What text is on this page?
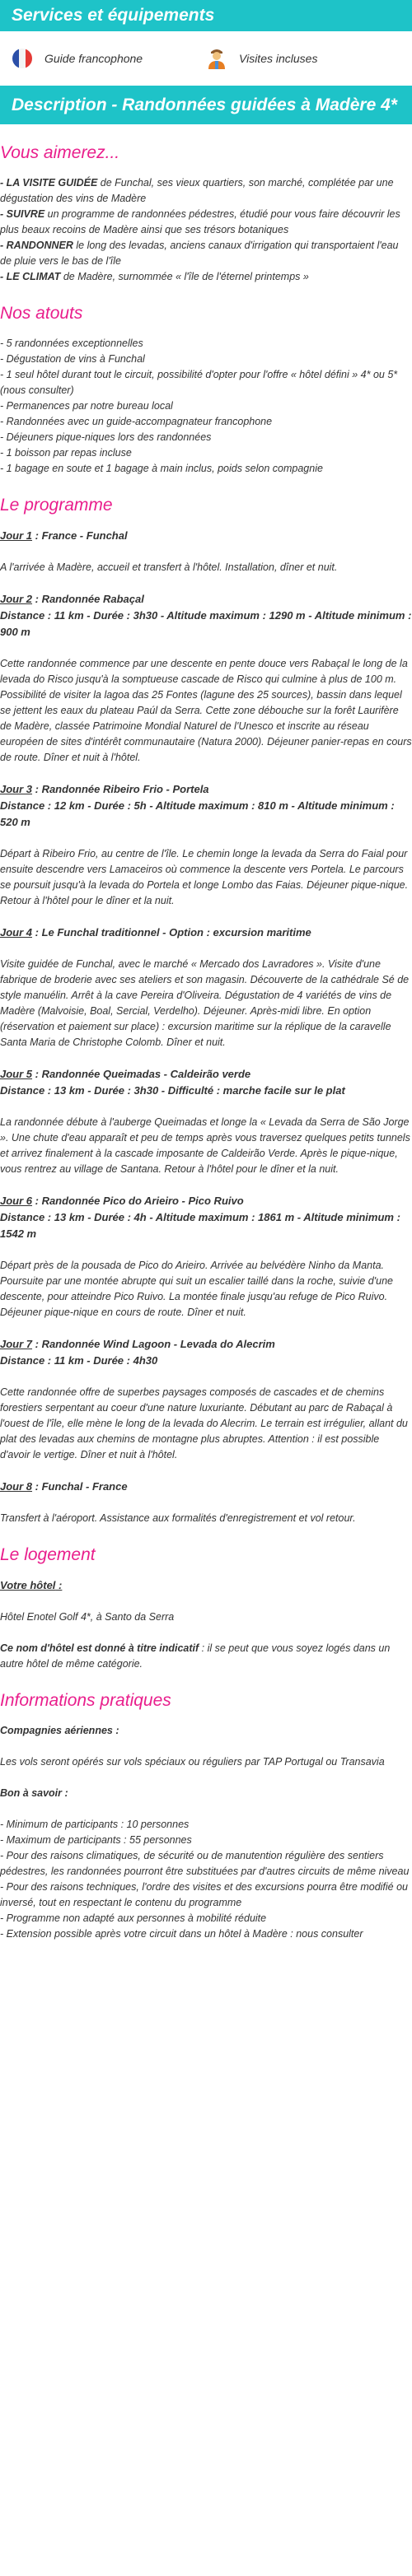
Services et équipements
Guide francophone	Visites incluses
Description - Randonnées guidées à Madère 4*
Vous aimerez...

- LA VISITE GUIDÉE de Funchal, ses vieux quartiers, son marché, complétée par une dégustation des vins de Madère

- SUIVRE un programme de randonnées pédestres, étudié pour vous faire découvrir les plus beaux recoins de Madère ainsi que ses trésors botaniques

- RANDONNER le long des levadas, anciens canaux d'irrigation qui transportaient l'eau de pluie vers le bas de l'île

- LE CLIMAT de Madère, surnommée « l'île de l'éternel printemps »

Nos atouts
- 5 randonnées exceptionnelles
- Dégustation de vins à Funchal
- 1 seul hôtel durant tout le circuit, possibilité d'opter pour l'offre « hôtel défini » 4* ou 5* (nous consulter)
- Permanences par notre bureau local
- Randonnées avec un guide-accompagnateur francophone
- Déjeuners pique-niques lors des randonnées
- 1 boisson par repas incluse
- 1 bagage en soute et 1 bagage à main inclus, poids selon compagnie
Le programme
Jour 1 : France - Funchal
A l'arrivée à Madère, accueil et transfert à l'hôtel. Installation, dîner et nuit.
Jour 2 : Randonnée Rabaçal
Distance : 11 km - Durée : 3h30 - Altitude maximum : 1290 m - Altitude minimum : 900 m
Cette randonnée commence par une descente en pente douce vers Rabaçal le long de la levada do Risco jusqu'à la somptueuse cascade de Risco qui culmine à plus de 100 m. Possibilité de visiter la lagoa das 25 Fontes (lagune des 25 sources), bassin dans lequel se jettent les eaux du plateau Paúl da Serra. Cette zone débouche sur la forêt Laurifère de Madère, classée Patrimoine Mondial Naturel de l'Unesco et inscrite au réseau européen de sites d'intérêt communautaire (Natura 2000). Déjeuner panier-repas en cours de route. Dîner et nuit à l'hôtel.
Jour 3 : Randonnée Ribeiro Frio - Portela
Distance : 12 km - Durée : 5h - Altitude maximum : 810 m - Altitude minimum : 520 m
Départ à Ribeiro Frio, au centre de l'île. Le chemin longe la levada da Serra do Faial pour ensuite descendre vers Lamaceiros où commence la descente vers Portela. Le parcours se poursuit jusqu'à la levada do Portela et longe Lombo das Faias. Déjeuner pique-nique. Retour à l'hôtel pour le dîner et la nuit.
Jour 4 : Le Funchal traditionnel - Option : excursion maritime
Visite guidée de Funchal, avec le marché « Mercado dos Lavradores ». Visite d'une fabrique de broderie avec ses ateliers et son magasin. Découverte de la cathédrale Sé de style manuélin. Arrêt à la cave Pereira d'Oliveira. Dégustation de 4 variétés de vins de Madère (Malvoisie, Boal, Sercial, Verdelho). Déjeuner. Après-midi libre. En option (réservation et paiement sur place) : excursion maritime sur la réplique de la caravelle Santa Maria de Christophe Colomb. Dîner et nuit.
Jour 5 : Randonnée Queimadas - Caldeirão verde
Distance : 13 km - Durée : 3h30 - Difficulté : marche facile sur le plat
La randonnée débute à l'auberge Queimadas et longe la « Levada da Serra de São Jorge ». Une chute d'eau apparaît et peu de temps après vous traversez quelques petits tunnels et arrivez finalement à la cascade imposante de Caldeirão Verde. Après le pique-nique, vous rentrez au village de Santana. Retour à l'hôtel pour le dîner et la nuit.
Jour 6 : Randonnée Pico do Arieiro - Pico Ruivo
Distance : 13 km - Durée : 4h - Altitude maximum : 1861 m - Altitude minimum : 1542 m
Départ près de la pousada de Pico do Arieiro. Arrivée au belvédère Ninho da Manta. Poursuite par une montée abrupte qui suit un escalier taillé dans la roche, suivie d'une descente, pour atteindre Pico Ruivo. La montée finale jusqu'au refuge de Pico Ruivo. Déjeuner pique-nique en cours de route. Dîner et nuit.
Jour 7 : Randonnée Wind Lagoon - Levada do Alecrim
Distance : 11 km - Durée : 4h30
Cette randonnée offre de superbes paysages composés de cascades et de chemins forestiers serpentant au coeur d'une nature luxuriante. Débutant au parc de Rabaçal à l'ouest de l'île, elle mène le long de la levada do Alecrim. Le terrain est irrégulier, allant du plat des levadas aux chemins de montagne plus abruptes. Attention : il est possible d'avoir le vertige. Dîner et nuit à l'hôtel.
Jour 8 : Funchal - France
Transfert à l'aéroport. Assistance aux formalités d'enregistrement et vol retour.
Le logement
Votre hôtel :

Hôtel Enotel Golf 4*, à Santo da Serra

Ce nom d'hôtel est donné à titre indicatif : il se peut que vous soyez logés dans un autre hôtel de même catégorie.

Informations pratiques
Compagnies aériennes :

Les vols seront opérés sur vols spéciaux ou réguliers par TAP Portugal ou Transavia

Bon à savoir :
- Minimum de participants : 10 personnes
- Maximum de participants : 55 personnes
- Pour des raisons climatiques, de sécurité ou de manutention régulière des sentiers pédestres, les randonnées pourront être substituées par d'autres circuits de même niveau
- Pour des raisons techniques, l'ordre des visites et des excursions pourra être modifié ou inversé, tout en respectant le contenu du programme
- Programme non adapté aux personnes à mobilité réduite
- Extension possible après votre circuit dans un hôtel à Madère : nous consulter
